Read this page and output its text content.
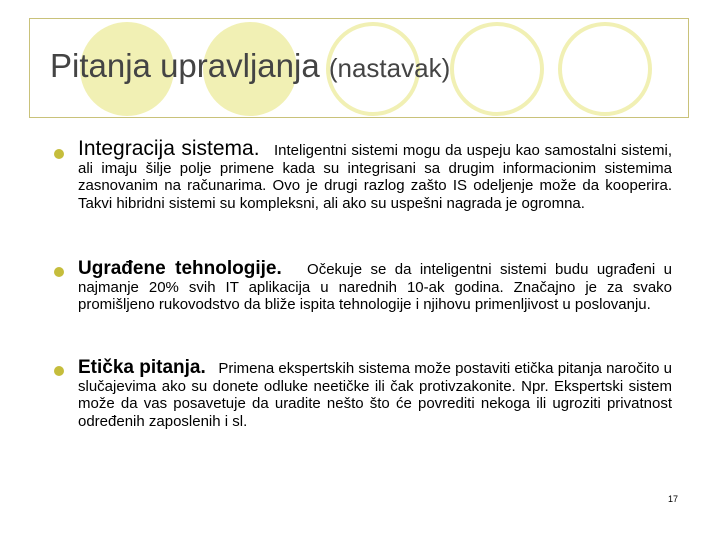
Pitanja upravljanja (nastavak)

Integracija sistema. Inteligentni sistemi mogu da uspeju kao samostalni sistemi, ali imaju šilje polje primene kada su integrisani sa drugim informacionim sistemima zasnovanim na računarima. Ovo je drugi razlog zašto IS odeljenje može da kooperira. Takvi hibridni sistemi su kompleksni, ali ako su uspešni nagrada je ogromna.

Ugrađene tehnologije. Očekuje se da inteligentni sistemi budu ugrađeni u najmanje 20% svih IT aplikacija u narednih 10-ak godina. Značajno je za svako promišljeno rukovodstvo da bliže ispita tehnologije i njihovu primenljivost u poslovanju.

Etička pitanja. Primena ekspertskih sistema može postaviti etička pitanja naročito u slučajevima ako su donete odluke neetičke ili čak protivzakonite. Npr. Ekspertski sistem može da vas posavetuje da uradite nešto što će povrediti nekoga ili ugroziti privatnost određenih zaposlenih i sl.

17
